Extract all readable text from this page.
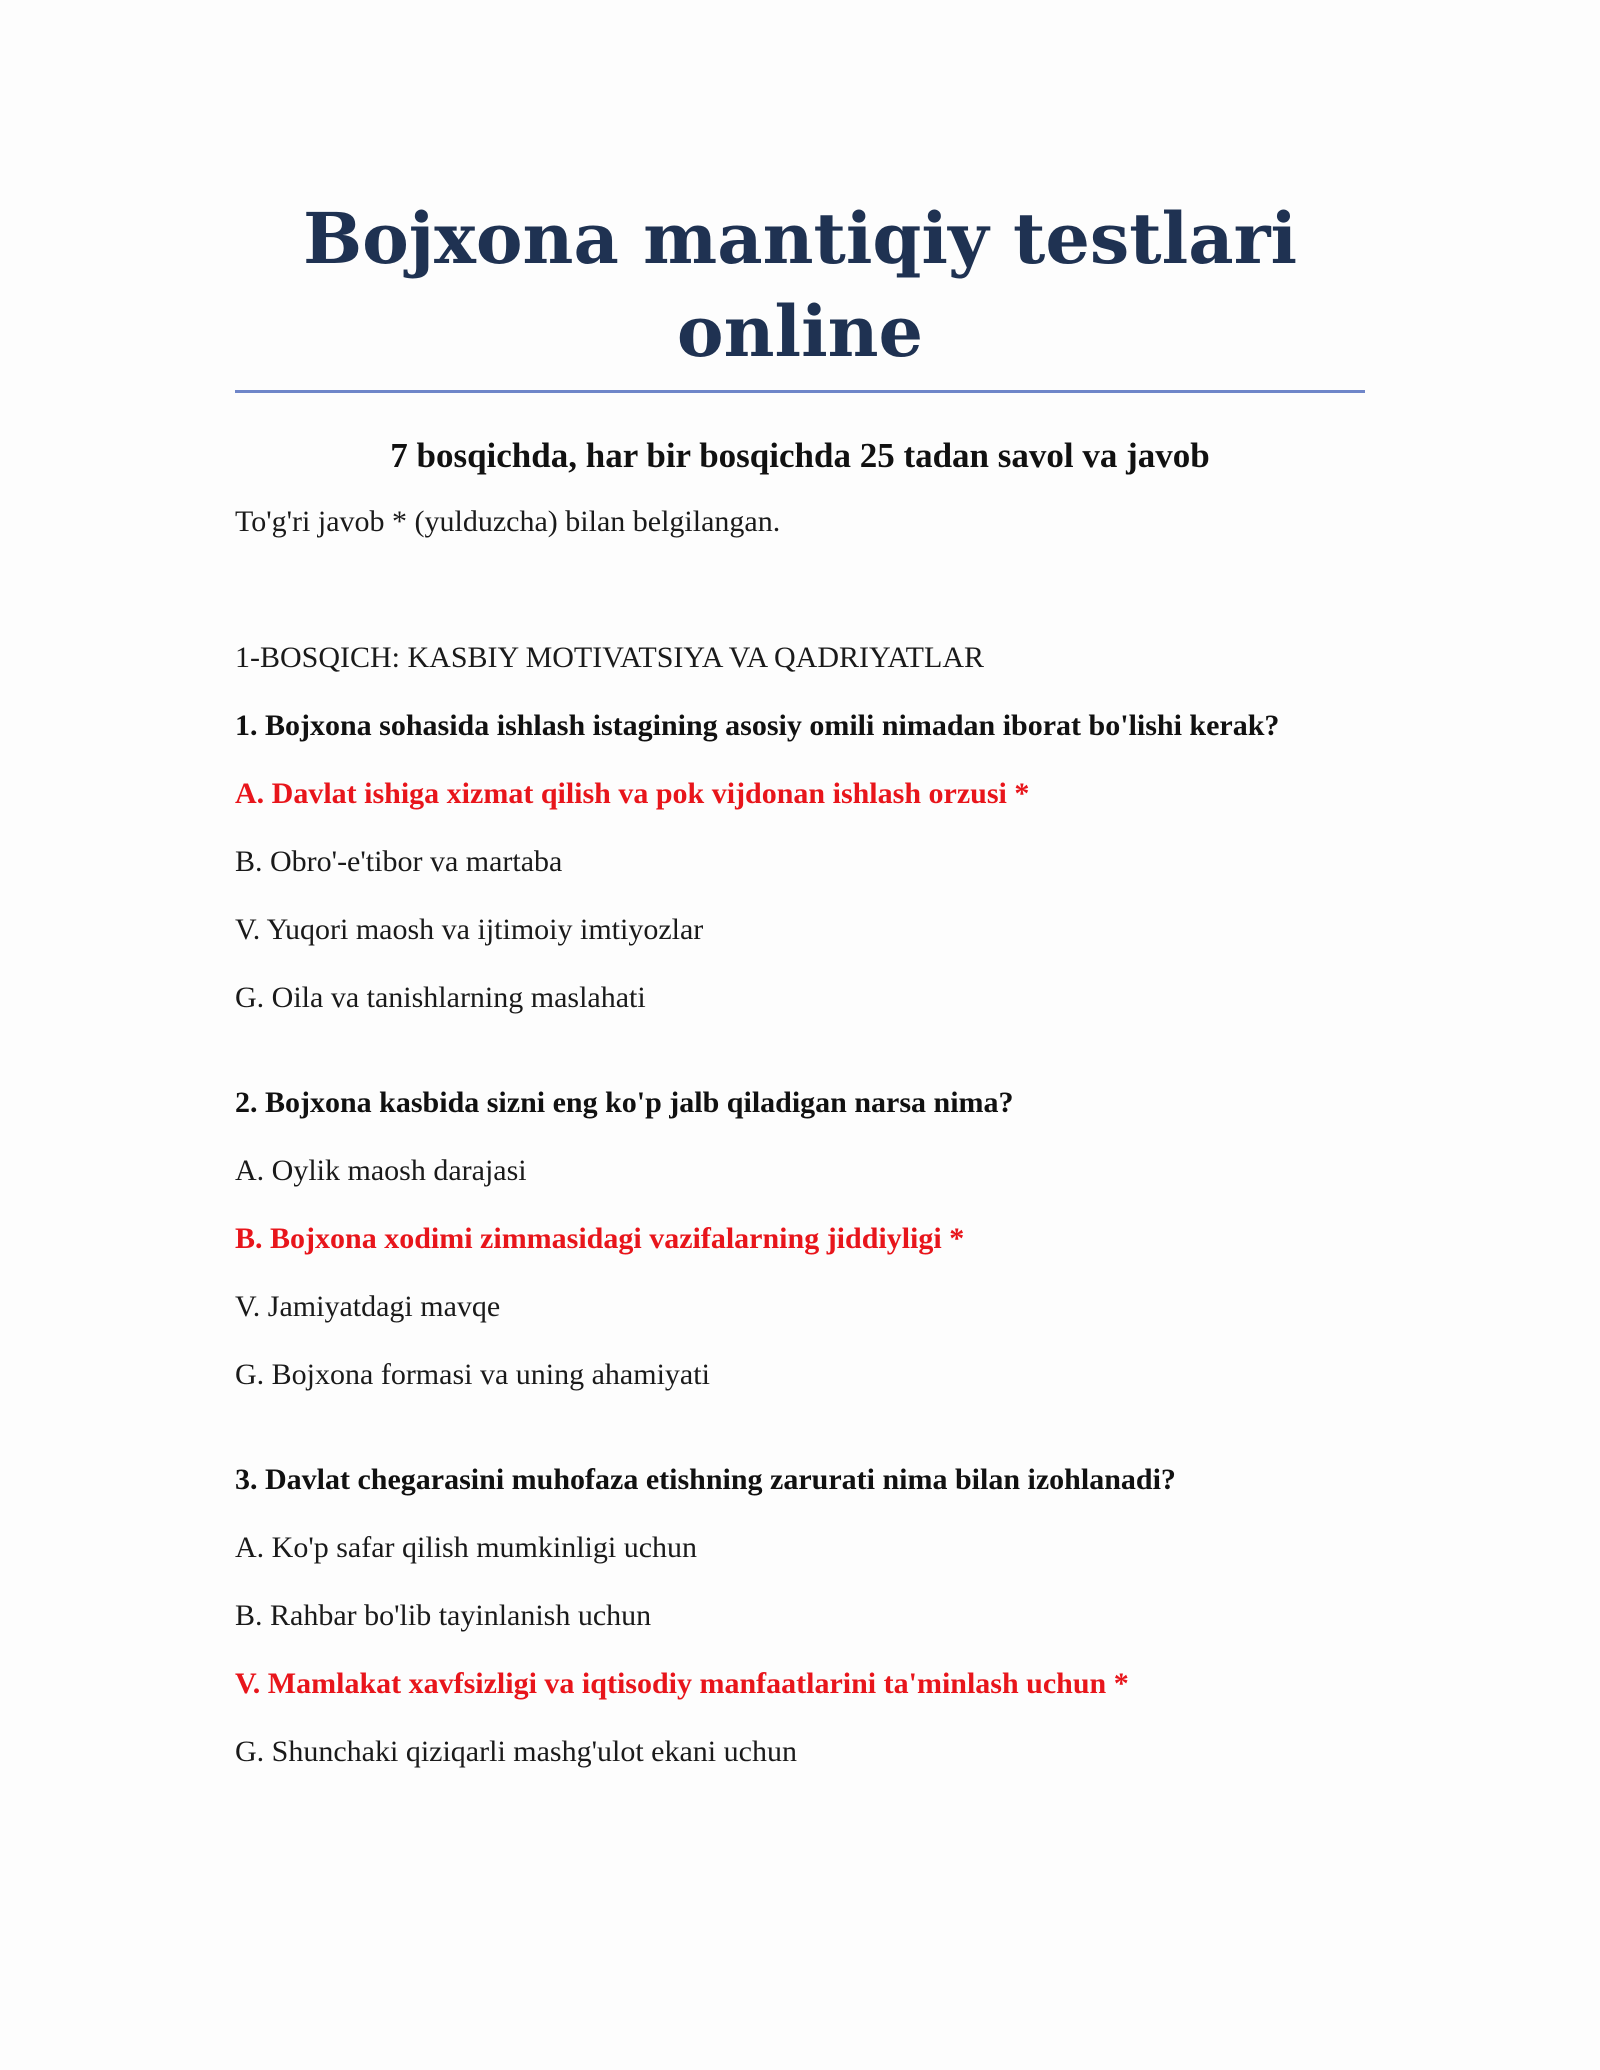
Bojxona mantiqiy testlari
online
7 bosqichda, har bir bosqichda 25 tadan savol va javob
To'g'ri javob * (yulduzcha) bilan belgilangan.
1-BOSQICH: KASBIY MOTIVATSIYA VA QADRIYATLAR
1. Bojxona sohasida ishlash istagining asosiy omili nimadan iborat bo'lishi kerak?
A. Davlat ishiga xizmat qilish va pok vijdonan ishlash orzusi *
B. Obro'-e'tibor va martaba
V. Yuqori maosh va ijtimoiy imtiyozlar
G. Oila va tanishlarning maslahati
2. Bojxona kasbida sizni eng ko'p jalb qiladigan narsa nima?
A. Oylik maosh darajasi
B. Bojxona xodimi zimmasidagi vazifalarning jiddiyligi *
V. Jamiyatdagi mavqe
G. Bojxona formasi va uning ahamiyati
3. Davlat chegarasini muhofaza etishning zarurati nima bilan izohlanadi?
A. Ko'p safar qilish mumkinligi uchun
B. Rahbar bo'lib tayinlanish uchun
V. Mamlakat xavfsizligi va iqtisodiy manfaatlarini ta'minlash uchun *
G. Shunchaki qiziqarli mashg'ulot ekani uchun
